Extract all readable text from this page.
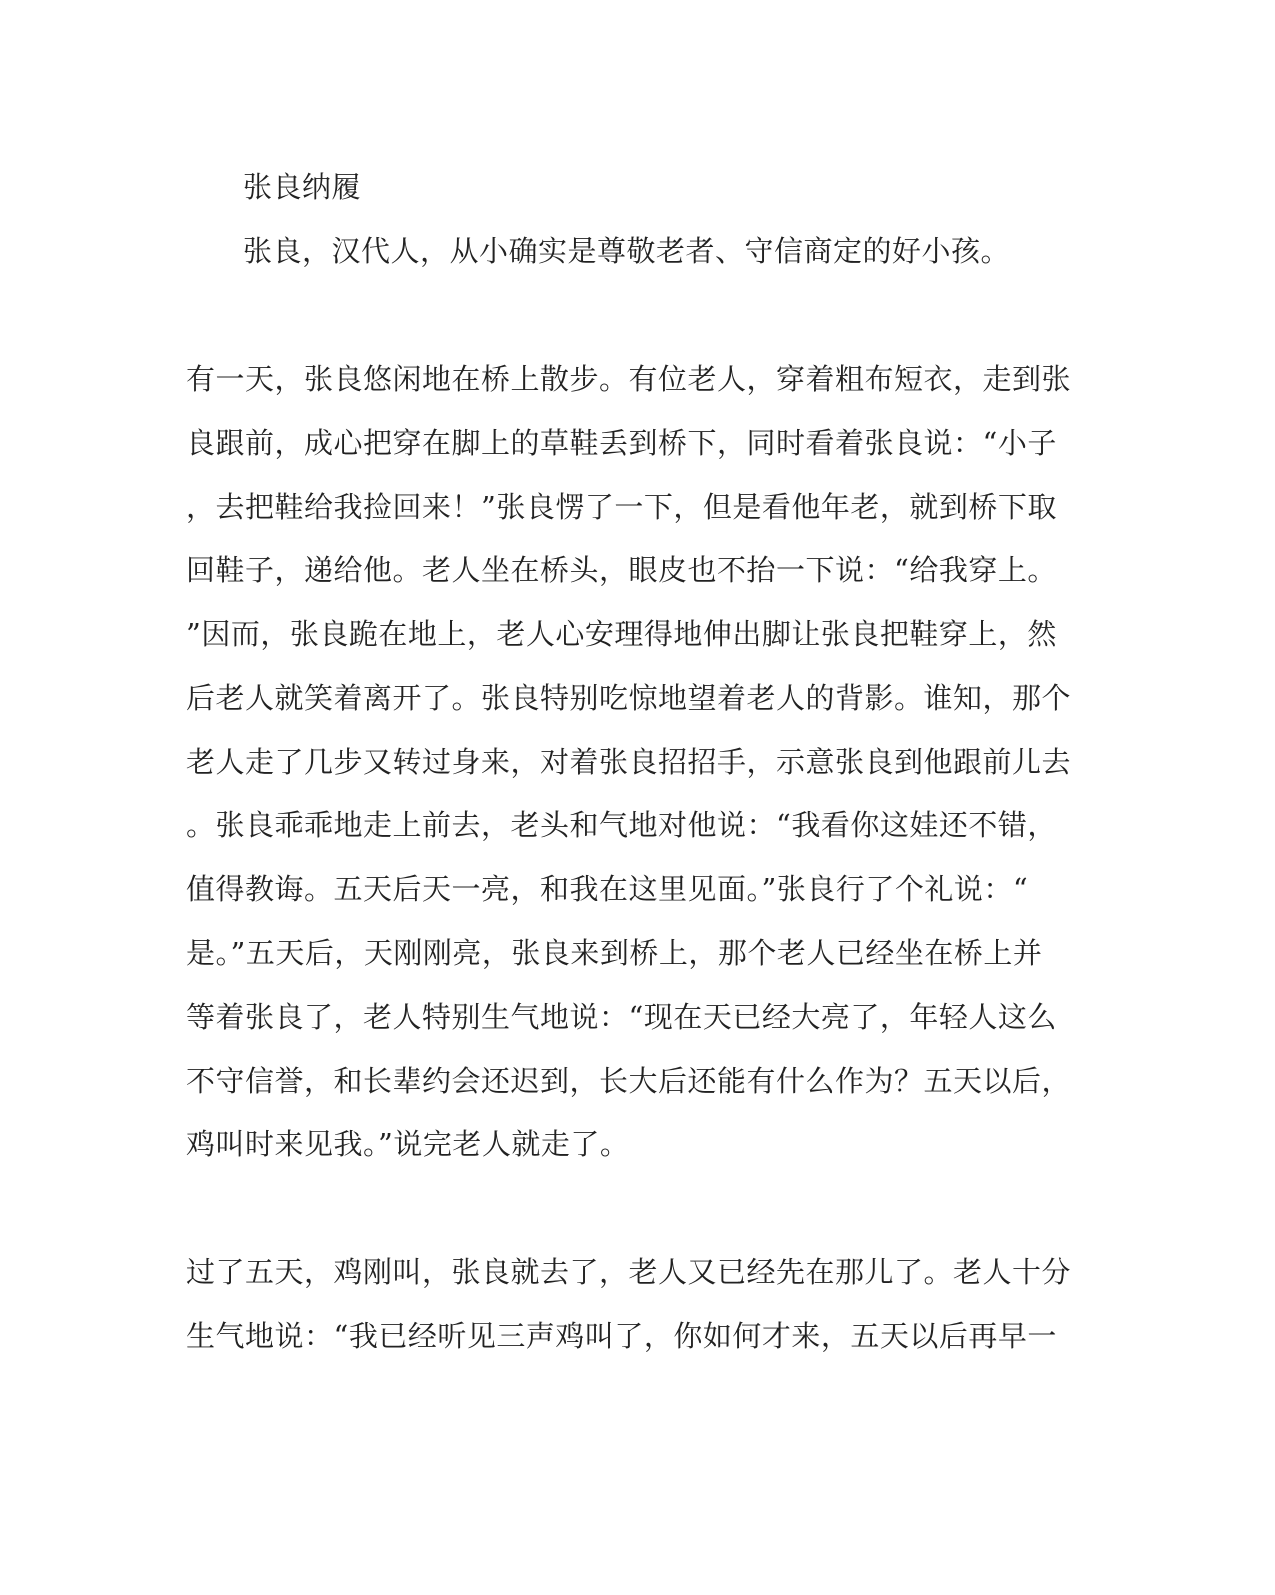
张良纳履
张良，汉代人，从小确实是尊敬老者、守信商定的好小孩。
有一天，张良悠闲地在桥上散步。有位老人，穿着粗布短衣，走到张
良跟前，成心把穿在脚上的草鞋丢到桥下，同时看着张良说：“小子
，去把鞋给我捡回来！”张良愣了一下，但是看他年老，就到桥下取
回鞋子，递给他。老人坐在桥头，眼皮也不抬一下说：“给我穿上。
”因而，张良跪在地上，老人心安理得地伸出脚让张良把鞋穿上，然
后老人就笑着离开了。张良特别吃惊地望着老人的背影。谁知，那个
老人走了几步又转过身来，对着张良招招手，示意张良到他跟前儿去
。张良乖乖地走上前去，老头和气地对他说：“我看你这娃还不错，
值得教诲。五天后天一亮，和我在这里见面。”张良行了个礼说：“
是。”五天后，天刚刚亮，张良来到桥上，那个老人已经坐在桥上并
等着张良了，老人特别生气地说：“现在天已经大亮了，年轻人这么
不守信誉，和长辈约会还迟到，长大后还能有什么作为？五天以后，
鸡叫时来见我。”说完老人就走了。
过了五天，鸡刚叫，张良就去了，老人又已经先在那儿了。老人十分
生气地说：“我已经听见三声鸡叫了，你如何才来，五天以后再早一
